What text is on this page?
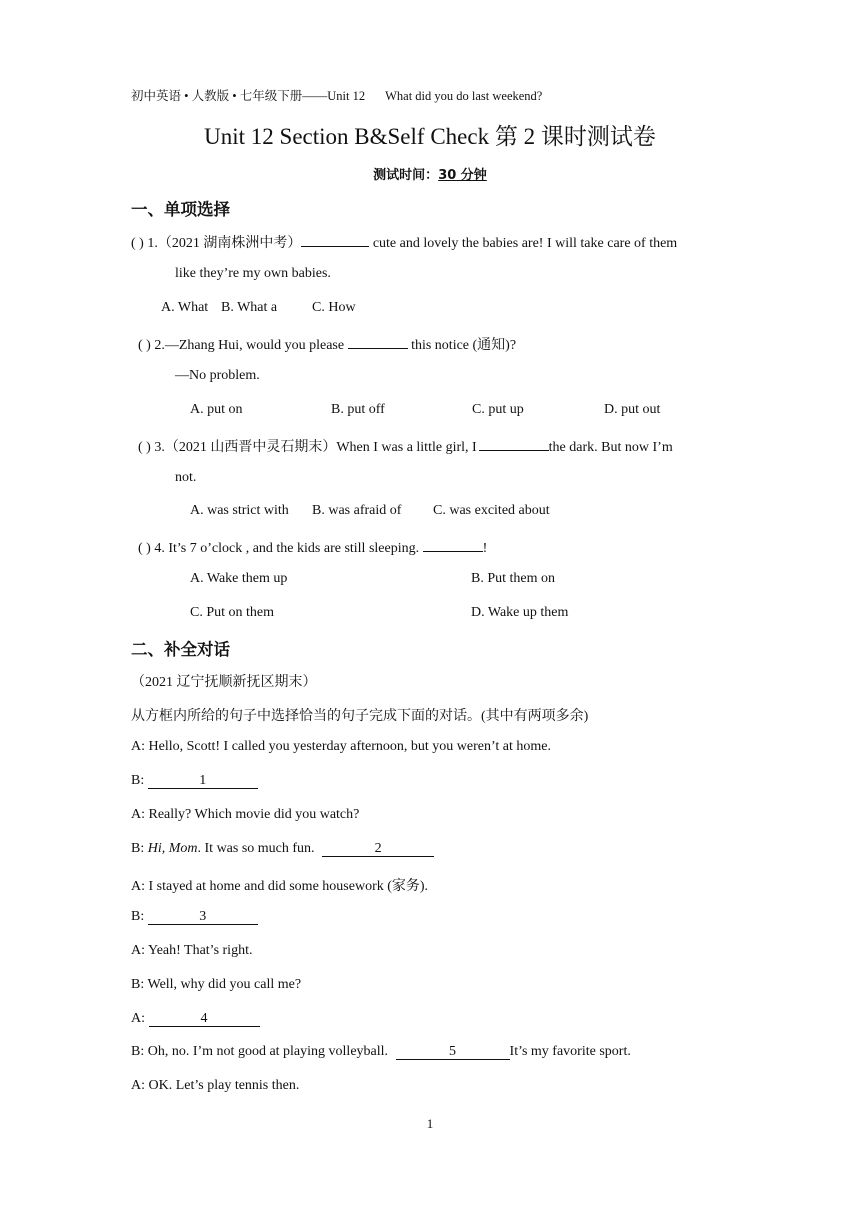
初中英语 • 人教版 • 七年级下册——Unit 12 What did you do last weekend?
Unit 12 Section B&Self Check 第 2 课时测试卷
测试时间：30 分钟
一、单项选择
( ) 1.（2021 湖南株洲中考）	cute and lovely the babies are! I will take care of them
like they’re my own babies.
A. What B. What a C. How
( ) 2.—Zhang Hui, would you please	this notice (通知)?
—No problem.
A. put on	B. put off	C. put up	D. put out
( ) 3.（2021 山西晋中灵石期末）When I was a little girl, I	the dark. But now I’m
not.
A. was strict with B. was afraid of C. was excited about
( ) 4. It’s 7 o’clock , and the kids are still sleeping.	!
A. Wake them up	B. Put them on
C. Put on them	D. Wake up them
二、补全对话
（2021 辽宁抚顺新抚区期末）
从方框内所给的句子中选择恰当的句子完成下面的对话。(其中有两项多余)
A: Hello, Scott! I called you yesterday afternoon, but you weren’t at home.
B:	1
A: Really? Which movie did you watch?
B: Hi, Mom. It was so much fun.	2
A: I stayed at home and did some housework (家务).
B:	3
A: Yeah! That’s right.
B: Well, why did you call me?
A:	4
B: Oh, no. I’m not good at playing volleyball.	5	It’s my favorite sport.
A: OK. Let’s play tennis then.
1
